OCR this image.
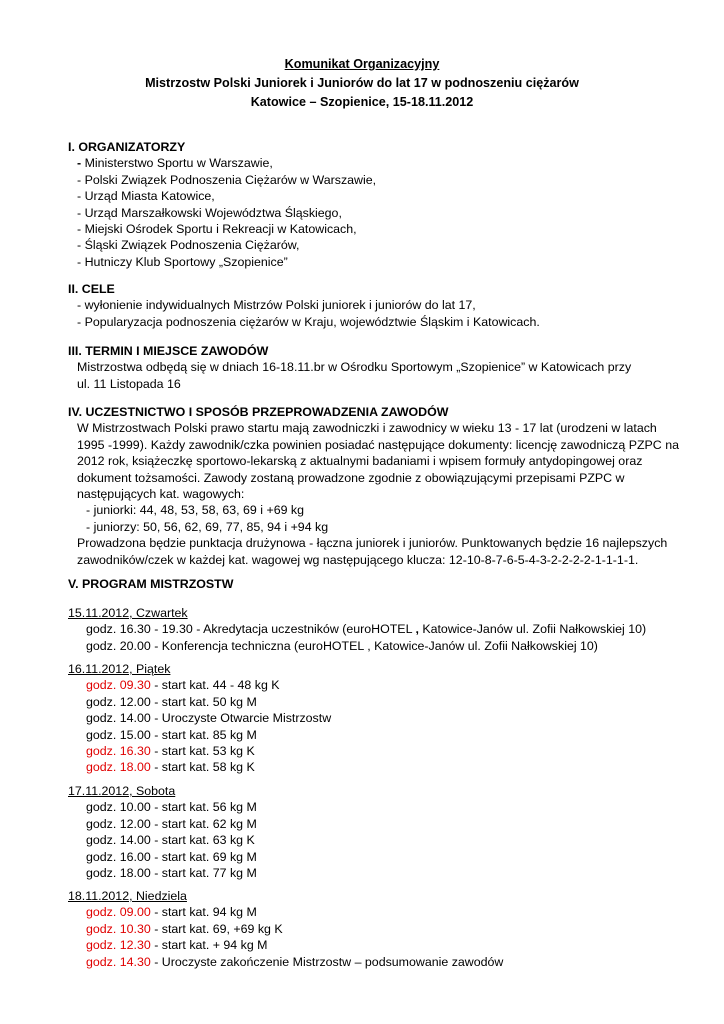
Komunikat Organizacyjny
Mistrzostw Polski Juniorek i Juniorów do lat 17 w podnoszeniu ciężarów
Katowice – Szopienice, 15-18.11.2012
I. ORGANIZATORZY
- Ministerstwo Sportu w Warszawie,
- Polski Związek Podnoszenia Ciężarów w Warszawie,
- Urząd Miasta Katowice,
- Urząd Marszałkowski Województwa Śląskiego,
- Miejski Ośrodek Sportu i Rekreacji w Katowicach,
- Śląski Związek Podnoszenia Ciężarów,
- Hutniczy Klub Sportowy „Szopienice”
II. CELE
- wyłonienie indywidualnych Mistrzów Polski juniorek i juniorów do lat 17,
- Popularyzacja podnoszenia ciężarów w Kraju, województwie Śląskim i Katowicach.
III. TERMIN I MIEJSCE ZAWODÓW
Mistrzostwa odbędą się w dniach 16-18.11.br w Ośrodku Sportowym „Szopienice” w Katowicach przy
ul. 11 Listopada 16
IV. UCZESTNICTWO I SPOSÓB PRZEPROWADZENIA ZAWODÓW
W Mistrzostwach Polski prawo startu mają zawodniczki i zawodnicy w wieku 13 - 17 lat (urodzeni w latach
1995 -1999). Każdy zawodnik/czka powinien posiadać następujące dokumenty: licencję zawodniczą PZPC na
2012 rok, książeczkę sportowo-lekarską z aktualnymi badaniami i wpisem formuły antydopingowej oraz
dokument tożsamości. Zawody zostaną prowadzone zgodnie z obowiązującymi przepisami PZPC w
następujących kat. wagowych:
- juniorki: 44, 48, 53, 58, 63, 69 i +69 kg
- juniorzy: 50, 56, 62, 69, 77, 85, 94 i +94 kg
Prowadzona będzie punktacja drużynowa - łączna juniorek i juniorów. Punktowanych będzie 16 najlepszych
zawodników/czek w każdej kat. wagowej wg następującego klucza: 12-10-8-7-6-5-4-3-2-2-2-2-1-1-1-1.
V. PROGRAM MISTRZOSTW
15.11.2012, Czwartek
godz. 16.30 - 19.30 - Akredytacja uczestników (euroHOTEL , Katowice-Janów ul. Zofii Nałkowskiej 10)
godz. 20.00 - Konferencja techniczna (euroHOTEL , Katowice-Janów ul. Zofii Nałkowskiej 10)
16.11.2012, Piątek
godz. 09.30 - start kat. 44 - 48 kg K
godz. 12.00 - start kat. 50 kg M
godz. 14.00 - Uroczyste Otwarcie Mistrzostw
godz. 15.00 - start kat. 85 kg M
godz. 16.30 - start kat. 53 kg K
godz. 18.00 - start kat. 58 kg K
17.11.2012, Sobota
godz. 10.00 - start kat. 56 kg M
godz. 12.00 - start kat. 62 kg M
godz. 14.00 - start kat. 63 kg K
godz. 16.00 - start kat. 69 kg M
godz. 18.00 - start kat. 77 kg M
18.11.2012, Niedziela
godz. 09.00 - start kat. 94 kg M
godz. 10.30 - start kat. 69, +69 kg K
godz. 12.30 - start kat. + 94 kg M
godz. 14.30 - Uroczyste zakończenie Mistrzostw – podsumowanie zawodów
